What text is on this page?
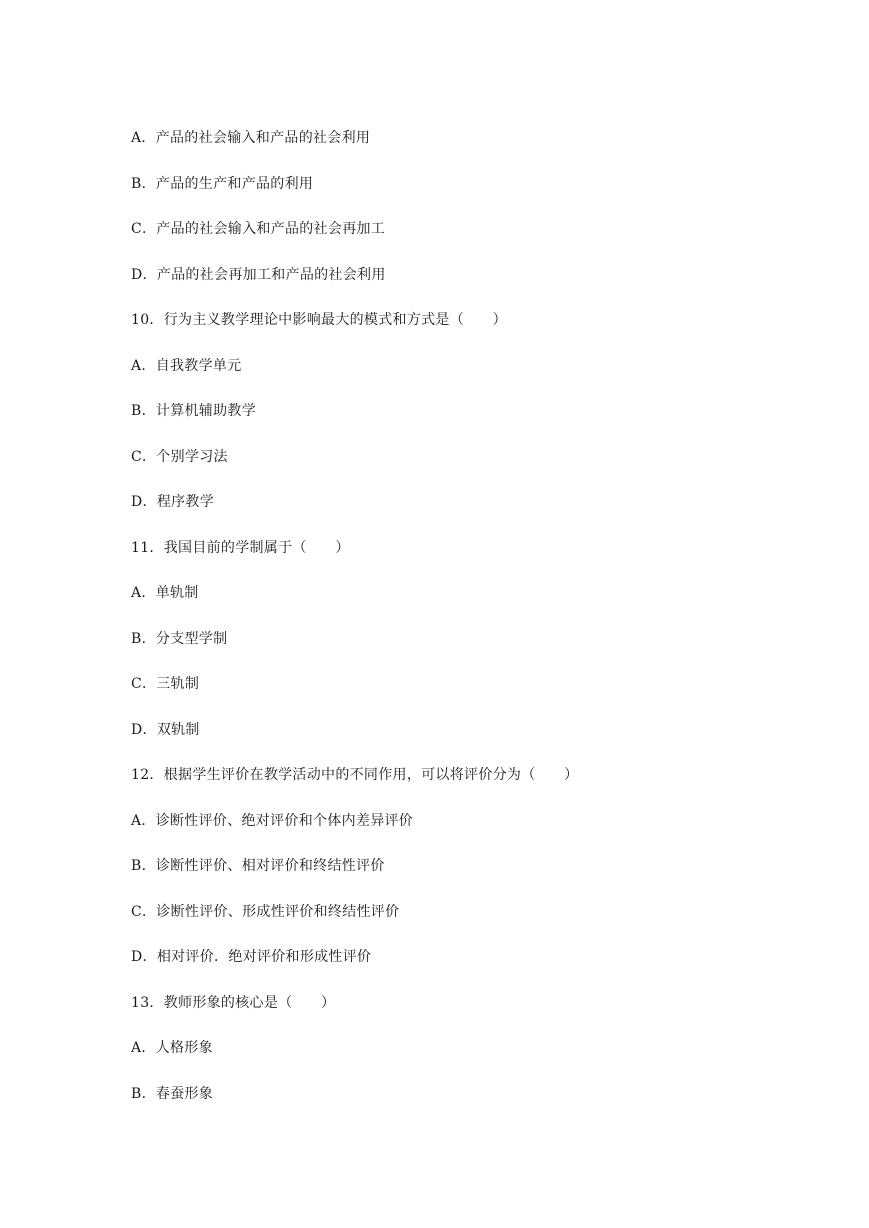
A．产品的社会输入和产品的社会利用
B．产品的生产和产品的利用
C．产品的社会输入和产品的社会再加工
D．产品的社会再加工和产品的社会利用
10．行为主义教学理论中影响最大的模式和方式是（　　）
A．自我教学单元
B．计算机辅助教学
C．个别学习法
D．程序教学
11．我国目前的学制属于（　　）
A．单轨制
B．分支型学制
C．三轨制
D．双轨制
12．根据学生评价在教学活动中的不同作用，可以将评价分为（　　）
A．诊断性评价、绝对评价和个体内差异评价
B．诊断性评价、相对评价和终结性评价
C．诊断性评价、形成性评价和终结性评价
D．相对评价．绝对评价和形成性评价
13．教师形象的核心是（　　）
A．人格形象
B．春蚕形象
